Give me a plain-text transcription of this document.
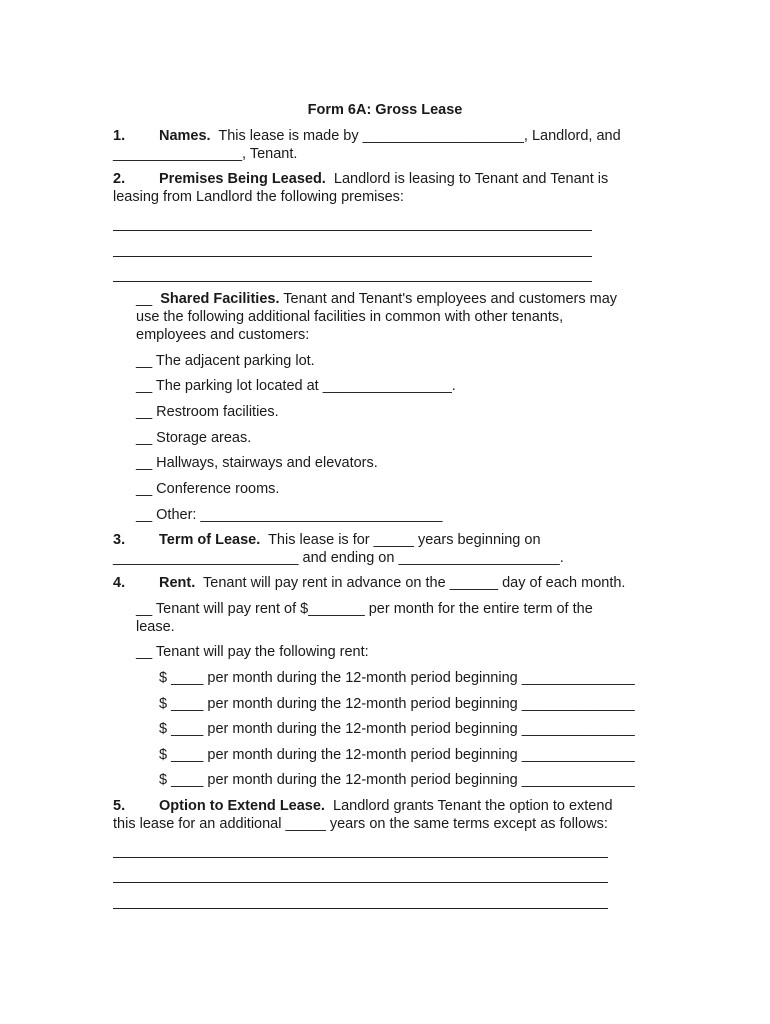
Form 6A: Gross Lease
1. Names. This lease is made by ____________________, Landlord, and
________________, Tenant.
2. Premises Being Leased. Landlord is leasing to Tenant and Tenant is
leasing from Landlord the following premises:
__ Shared Facilities. Tenant and Tenant's employees and customers may
use the following additional facilities in common with other tenants,
employees and customers:
__ The adjacent parking lot.
__ The parking lot located at ________________.
__ Restroom facilities.
__ Storage areas.
__ Hallways, stairways and elevators.
__ Conference rooms.
__ Other: ______________________________
3. Term of Lease. This lease is for _____ years beginning on
_______________________ and ending on ____________________.
4. Rent. Tenant will pay rent in advance on the ______ day of each month.
__ Tenant will pay rent of $_______ per month for the entire term of the
lease.
__ Tenant will pay the following rent:
$ ____ per month during the 12-month period beginning ______________
$ ____ per month during the 12-month period beginning ______________
$ ____ per month during the 12-month period beginning ______________
$ ____ per month during the 12-month period beginning ______________
$ ____ per month during the 12-month period beginning ______________
5. Option to Extend Lease. Landlord grants Tenant the option to extend
this lease for an additional _____ years on the same terms except as follows:
